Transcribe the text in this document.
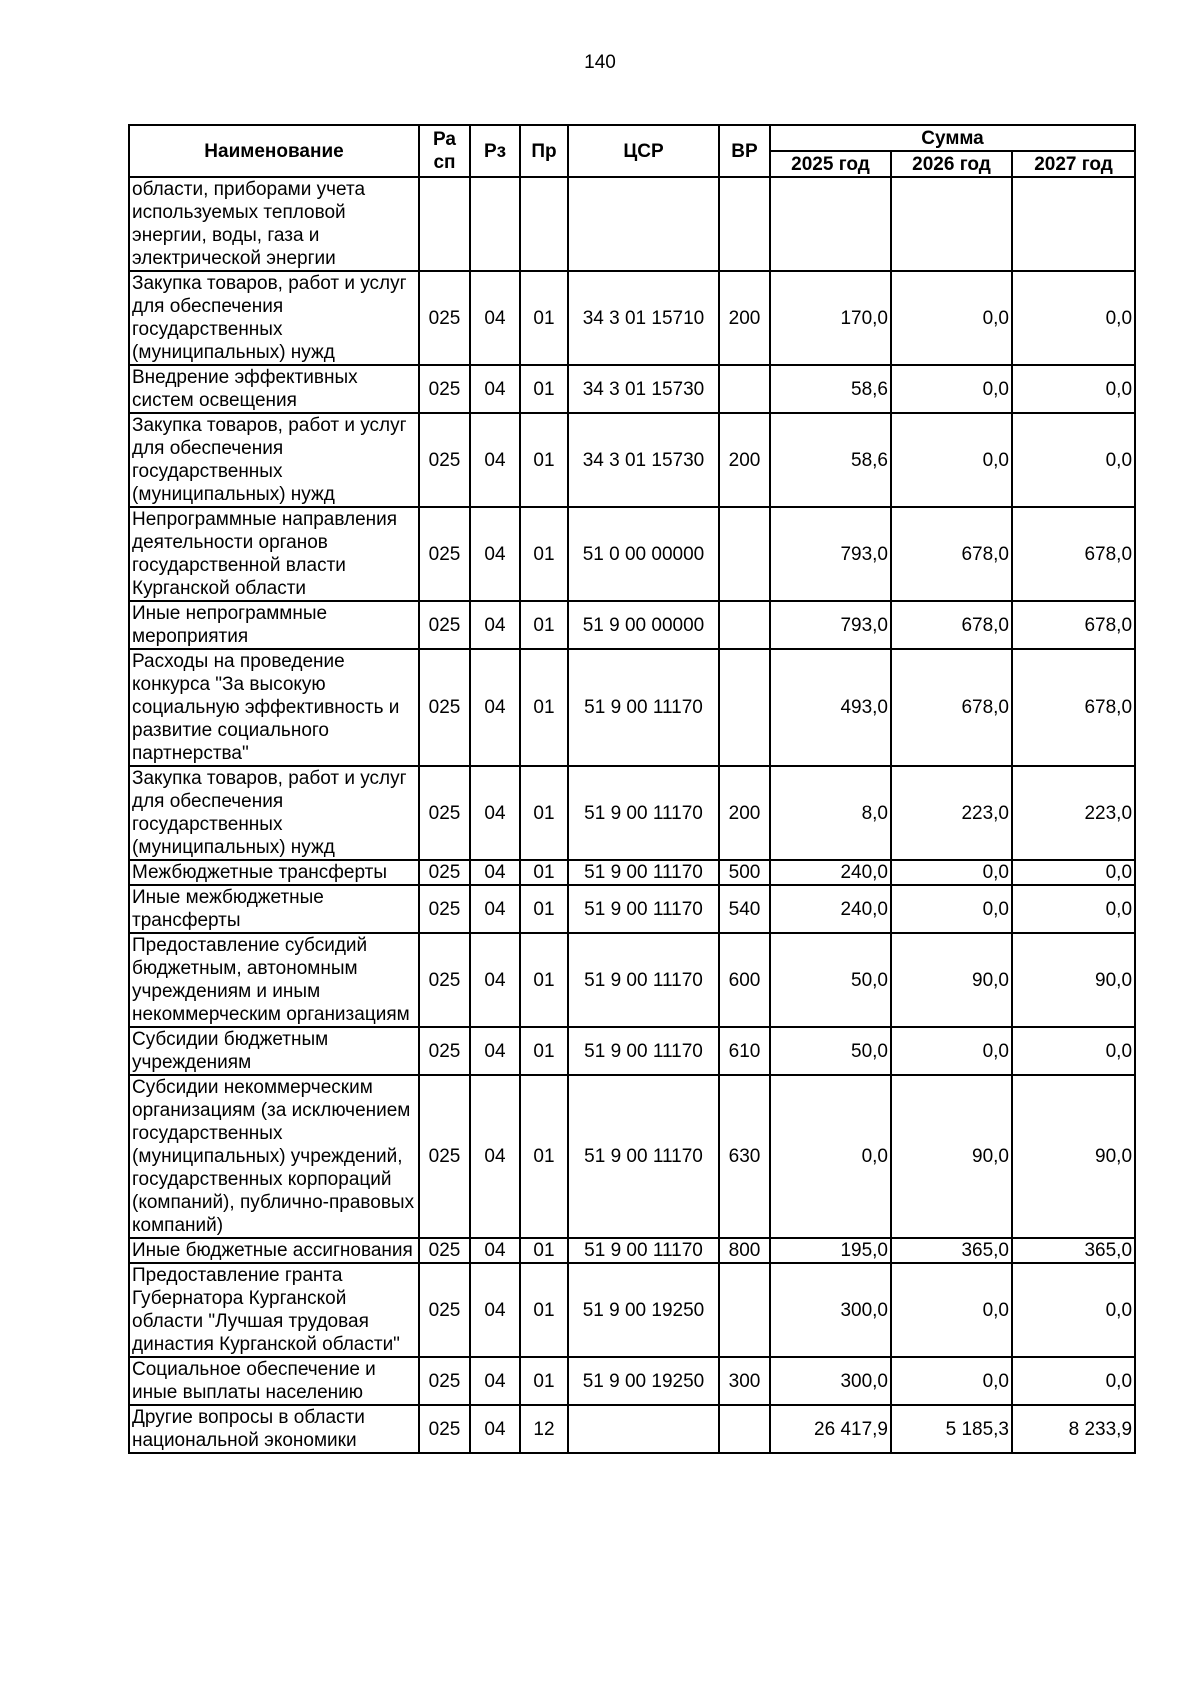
140
Наименование	Ра сп	Рз	Пр	ЦСР	ВР	Сумма		
						2025 год	2026 год	2027 год
области, приборами учета используемых тепловой энергии, воды, газа и электрической энергии								
Закупка товаров, работ и услуг для обеспечения государственных (муниципальных) нужд	025	04	01	34 3 01 15710	200	170,0	0,0	0,0
Внедрение эффективных систем освещения	025	04	01	34 3 01 15730		58,6	0,0	0,0
Закупка товаров, работ и услуг для обеспечения государственных (муниципальных) нужд	025	04	01	34 3 01 15730	200	58,6	0,0	0,0
Непрограммные направления деятельности органов государственной власти Курганской области	025	04	01	51 0 00 00000		793,0	678,0	678,0
Иные непрограммные мероприятия	025	04	01	51 9 00 00000		793,0	678,0	678,0
Расходы на проведение конкурса "За высокую социальную эффективность и развитие социального партнерства"	025	04	01	51 9 00 11170		493,0	678,0	678,0
Закупка товаров, работ и услуг для обеспечения государственных (муниципальных) нужд	025	04	01	51 9 00 11170	200	8,0	223,0	223,0
Межбюджетные трансферты	025	04	01	51 9 00 11170	500	240,0	0,0	0,0
Иные межбюджетные трансферты	025	04	01	51 9 00 11170	540	240,0	0,0	0,0
Предоставление субсидий бюджетным, автономным учреждениям и иным некоммерческим организациям	025	04	01	51 9 00 11170	600	50,0	90,0	90,0
Субсидии бюджетным учреждениям	025	04	01	51 9 00 11170	610	50,0	0,0	0,0
Субсидии некоммерческим организациям (за исключением государственных (муниципальных) учреждений, государственных корпораций (компаний), публично-правовых компаний)	025	04	01	51 9 00 11170	630	0,0	90,0	90,0
Иные бюджетные ассигнования	025	04	01	51 9 00 11170	800	195,0	365,0	365,0
Предоставление гранта Губернатора Курганской области "Лучшая трудовая династия Курганской области"	025	04	01	51 9 00 19250		300,0	0,0	0,0
Социальное обеспечение и иные выплаты населению	025	04	01	51 9 00 19250	300	300,0	0,0	0,0
Другие вопросы в области национальной экономики	025	04	12			26 417,9	5 185,3	8 233,9
